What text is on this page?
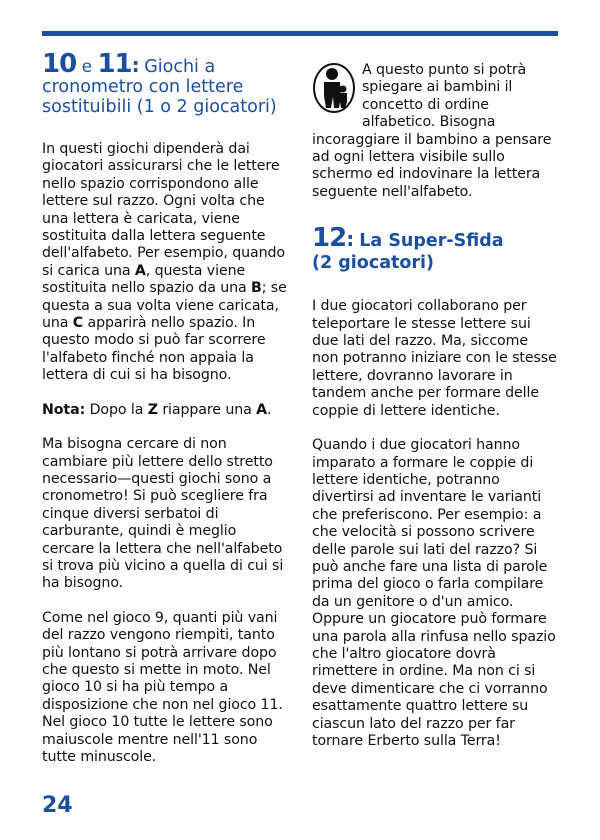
10 e 11: Giochi a
cronometro con lettere
sostituibili (1 o 2 giocatori)

In questi giochi dipenderà dai giocatori assicurarsi che le lettere nello spazio corrispondono alle lettere sul razzo. Ogni volta che una lettera è caricata, viene sostituita dalla lettera seguente dell'alfabeto. Per esempio, quando si carica una A, questa viene sostituita nello spazio da una B; se questa a sua volta viene caricata, una C apparirà nello spazio. In questo modo si può far scorrere l'alfabeto finché non appaia la lettera di cui si ha bisogno.

Nota: Dopo la Z riappare una A.

Ma bisogna cercare di non cambiare più lettere dello stretto necessario—questi giochi sono a cronometro! Si può scegliere fra cinque diversi serbatoi di carburante, quindi è meglio cercare la lettera che nell'alfabeto si trova più vicino a quella di cui si ha bisogno.

Come nel gioco 9, quanti più vani del razzo vengono riempiti, tanto più lontano si potrà arrivare dopo che questo si mette in moto. Nel gioco 10 si ha più tempo a disposizione che non nel gioco 11. Nel gioco 10 tutte le lettere sono maiuscole mentre nell'11 sono tutte minuscole.

A questo punto si potrà spiegare ai bambini il concetto di ordine alfabetico. Bisogna incoraggiare il bambino a pensare ad ogni lettera visibile sullo schermo ed indovinare la lettera seguente nell'alfabeto.

12: La Super-Sfida
(2 giocatori)

I due giocatori collaborano per teleportare le stesse lettere sui due lati del razzo. Ma, siccome non potranno iniziare con le stesse lettere, dovranno lavorare in tandem anche per formare delle coppie di lettere identiche.

Quando i due giocatori hanno imparato a formare le coppie di lettere identiche, potranno divertirsi ad inventare le varianti che preferiscono. Per esempio: a che velocità si possono scrivere delle parole sui lati del razzo? Si può anche fare una lista di parole prima del gioco o farla compilare da un genitore o d'un amico. Oppure un giocatore può formare una parola alla rinfusa nello spazio che l'altro giocatore dovrà rimettere in ordine. Ma non ci si deve dimenticare che ci vorranno esattamente quattro lettere su ciascun lato del razzo per far tornare Erberto sulla Terra!

24
